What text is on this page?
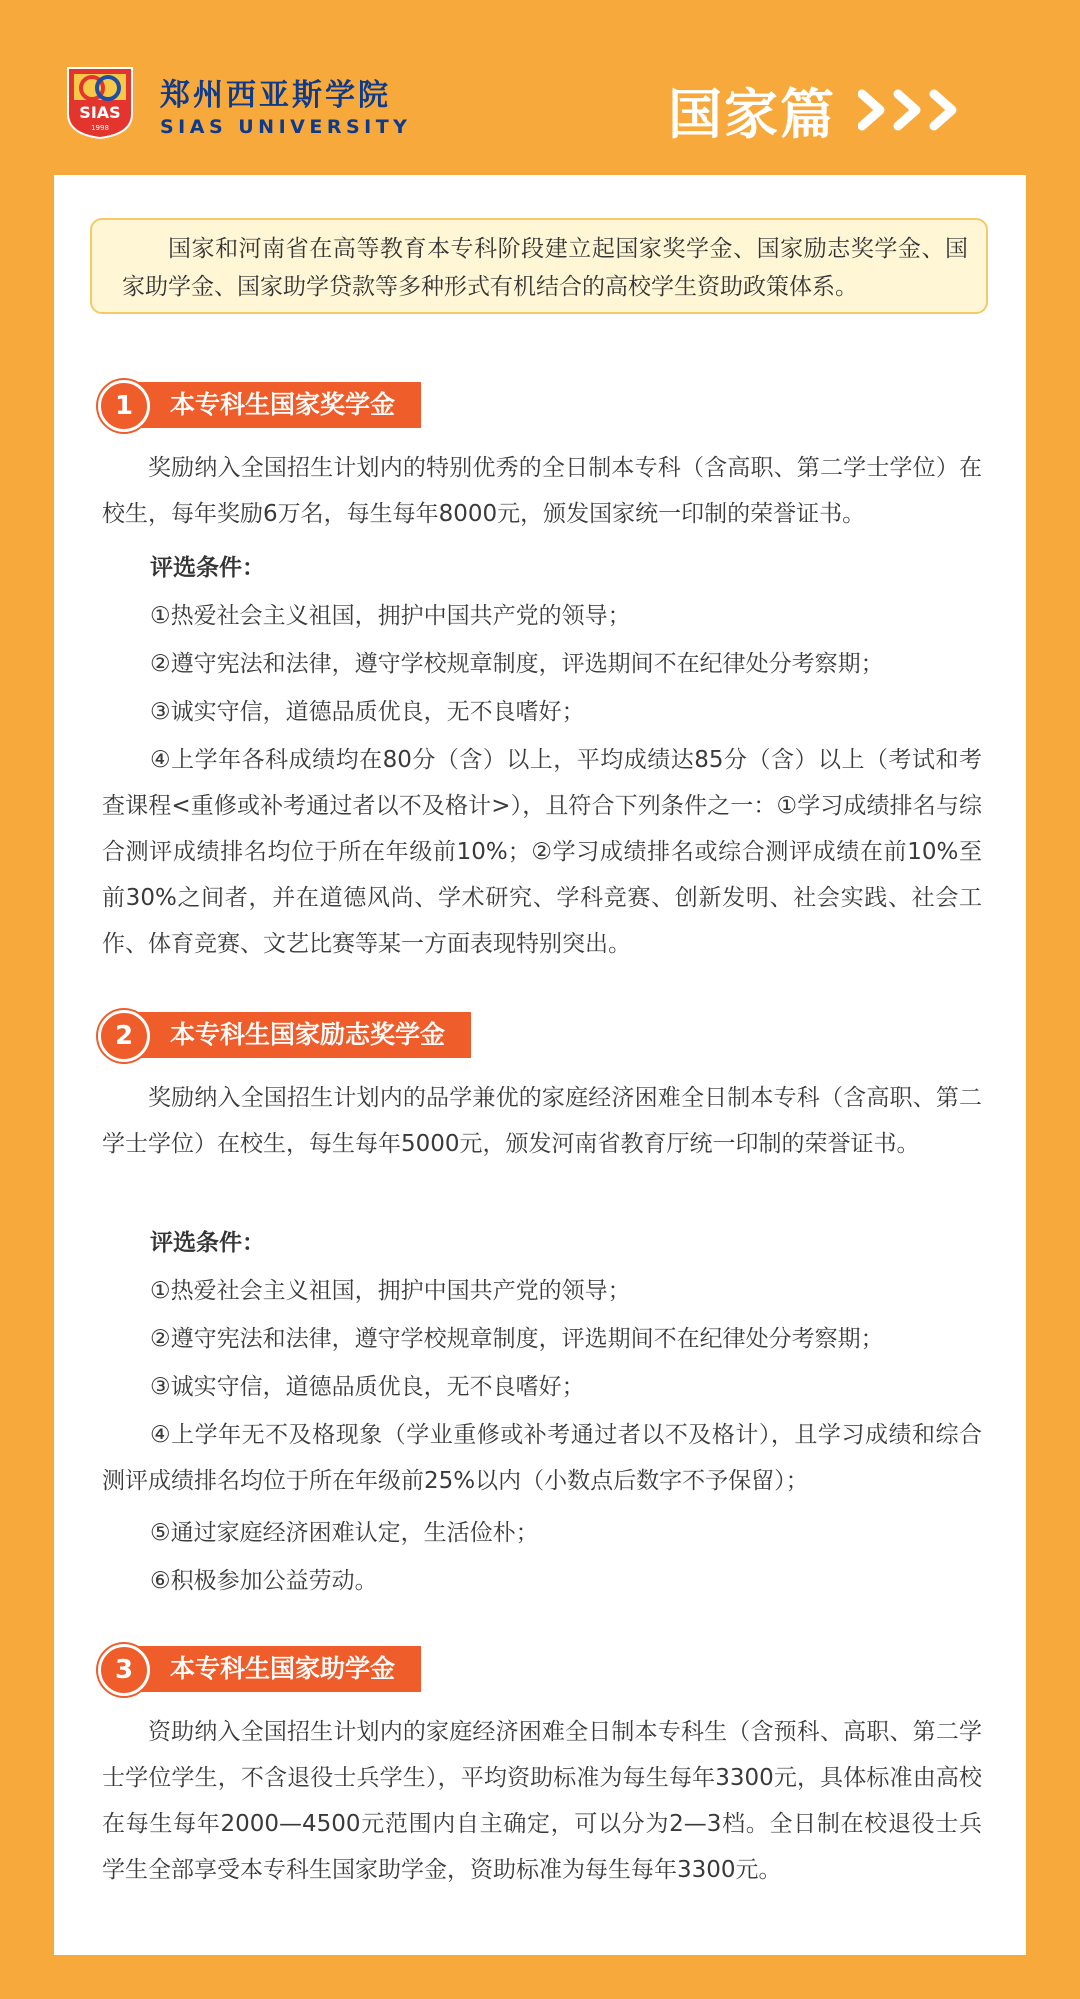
SIAS
1998
郑州西亚斯学院
SIAS UNIVERSITY	国家篇
国家和河南省在高等教育本专科阶段建立起国家奖学金、国家励志奖学金、国家助学金、国家助学贷款等多种形式有机结合的高校学生资助政策体系。
1	本专科生国家奖学金

奖励纳入全国招生计划内的特别优秀的全日制本专科（含高职、第二学士学位）在校生，每年奖励6万名，每生每年8000元，颁发国家统一印制的荣誉证书。

评选条件：

①热爱社会主义祖国，拥护中国共产党的领导；

②遵守宪法和法律，遵守学校规章制度，评选期间不在纪律处分考察期；

③诚实守信，道德品质优良，无不良嗜好；

④上学年各科成绩均在80分（含）以上，平均成绩达85分（含）以上（考试和考查课程<重修或补考通过者以不及格计>），且符合下列条件之一：①学习成绩排名与综合测评成绩排名均位于所在年级前10%；②学习成绩排名或综合测评成绩在前10%至前30%之间者，并在道德风尚、学术研究、学科竞赛、创新发明、社会实践、社会工作、体育竞赛、文艺比赛等某一方面表现特别突出。

2	本专科生国家励志奖学金

奖励纳入全国招生计划内的品学兼优的家庭经济困难全日制本专科（含高职、第二学士学位）在校生，每生每年5000元，颁发河南省教育厅统一印制的荣誉证书。

评选条件：

①热爱社会主义祖国，拥护中国共产党的领导；

②遵守宪法和法律，遵守学校规章制度，评选期间不在纪律处分考察期；

③诚实守信，道德品质优良，无不良嗜好；

④上学年无不及格现象（学业重修或补考通过者以不及格计），且学习成绩和综合测评成绩排名均位于所在年级前25%以内（小数点后数字不予保留）；

⑤通过家庭经济困难认定，生活俭朴；

⑥积极参加公益劳动。

3	本专科生国家助学金

资助纳入全国招生计划内的家庭经济困难全日制本专科生（含预科、高职、第二学士学位学生，不含退役士兵学生），平均资助标准为每生每年3300元，具体标准由高校在每生每年2000—4500元范围内自主确定，可以分为2—3档。全日制在校退役士兵学生全部享受本专科生国家助学金，资助标准为每生每年3300元。
